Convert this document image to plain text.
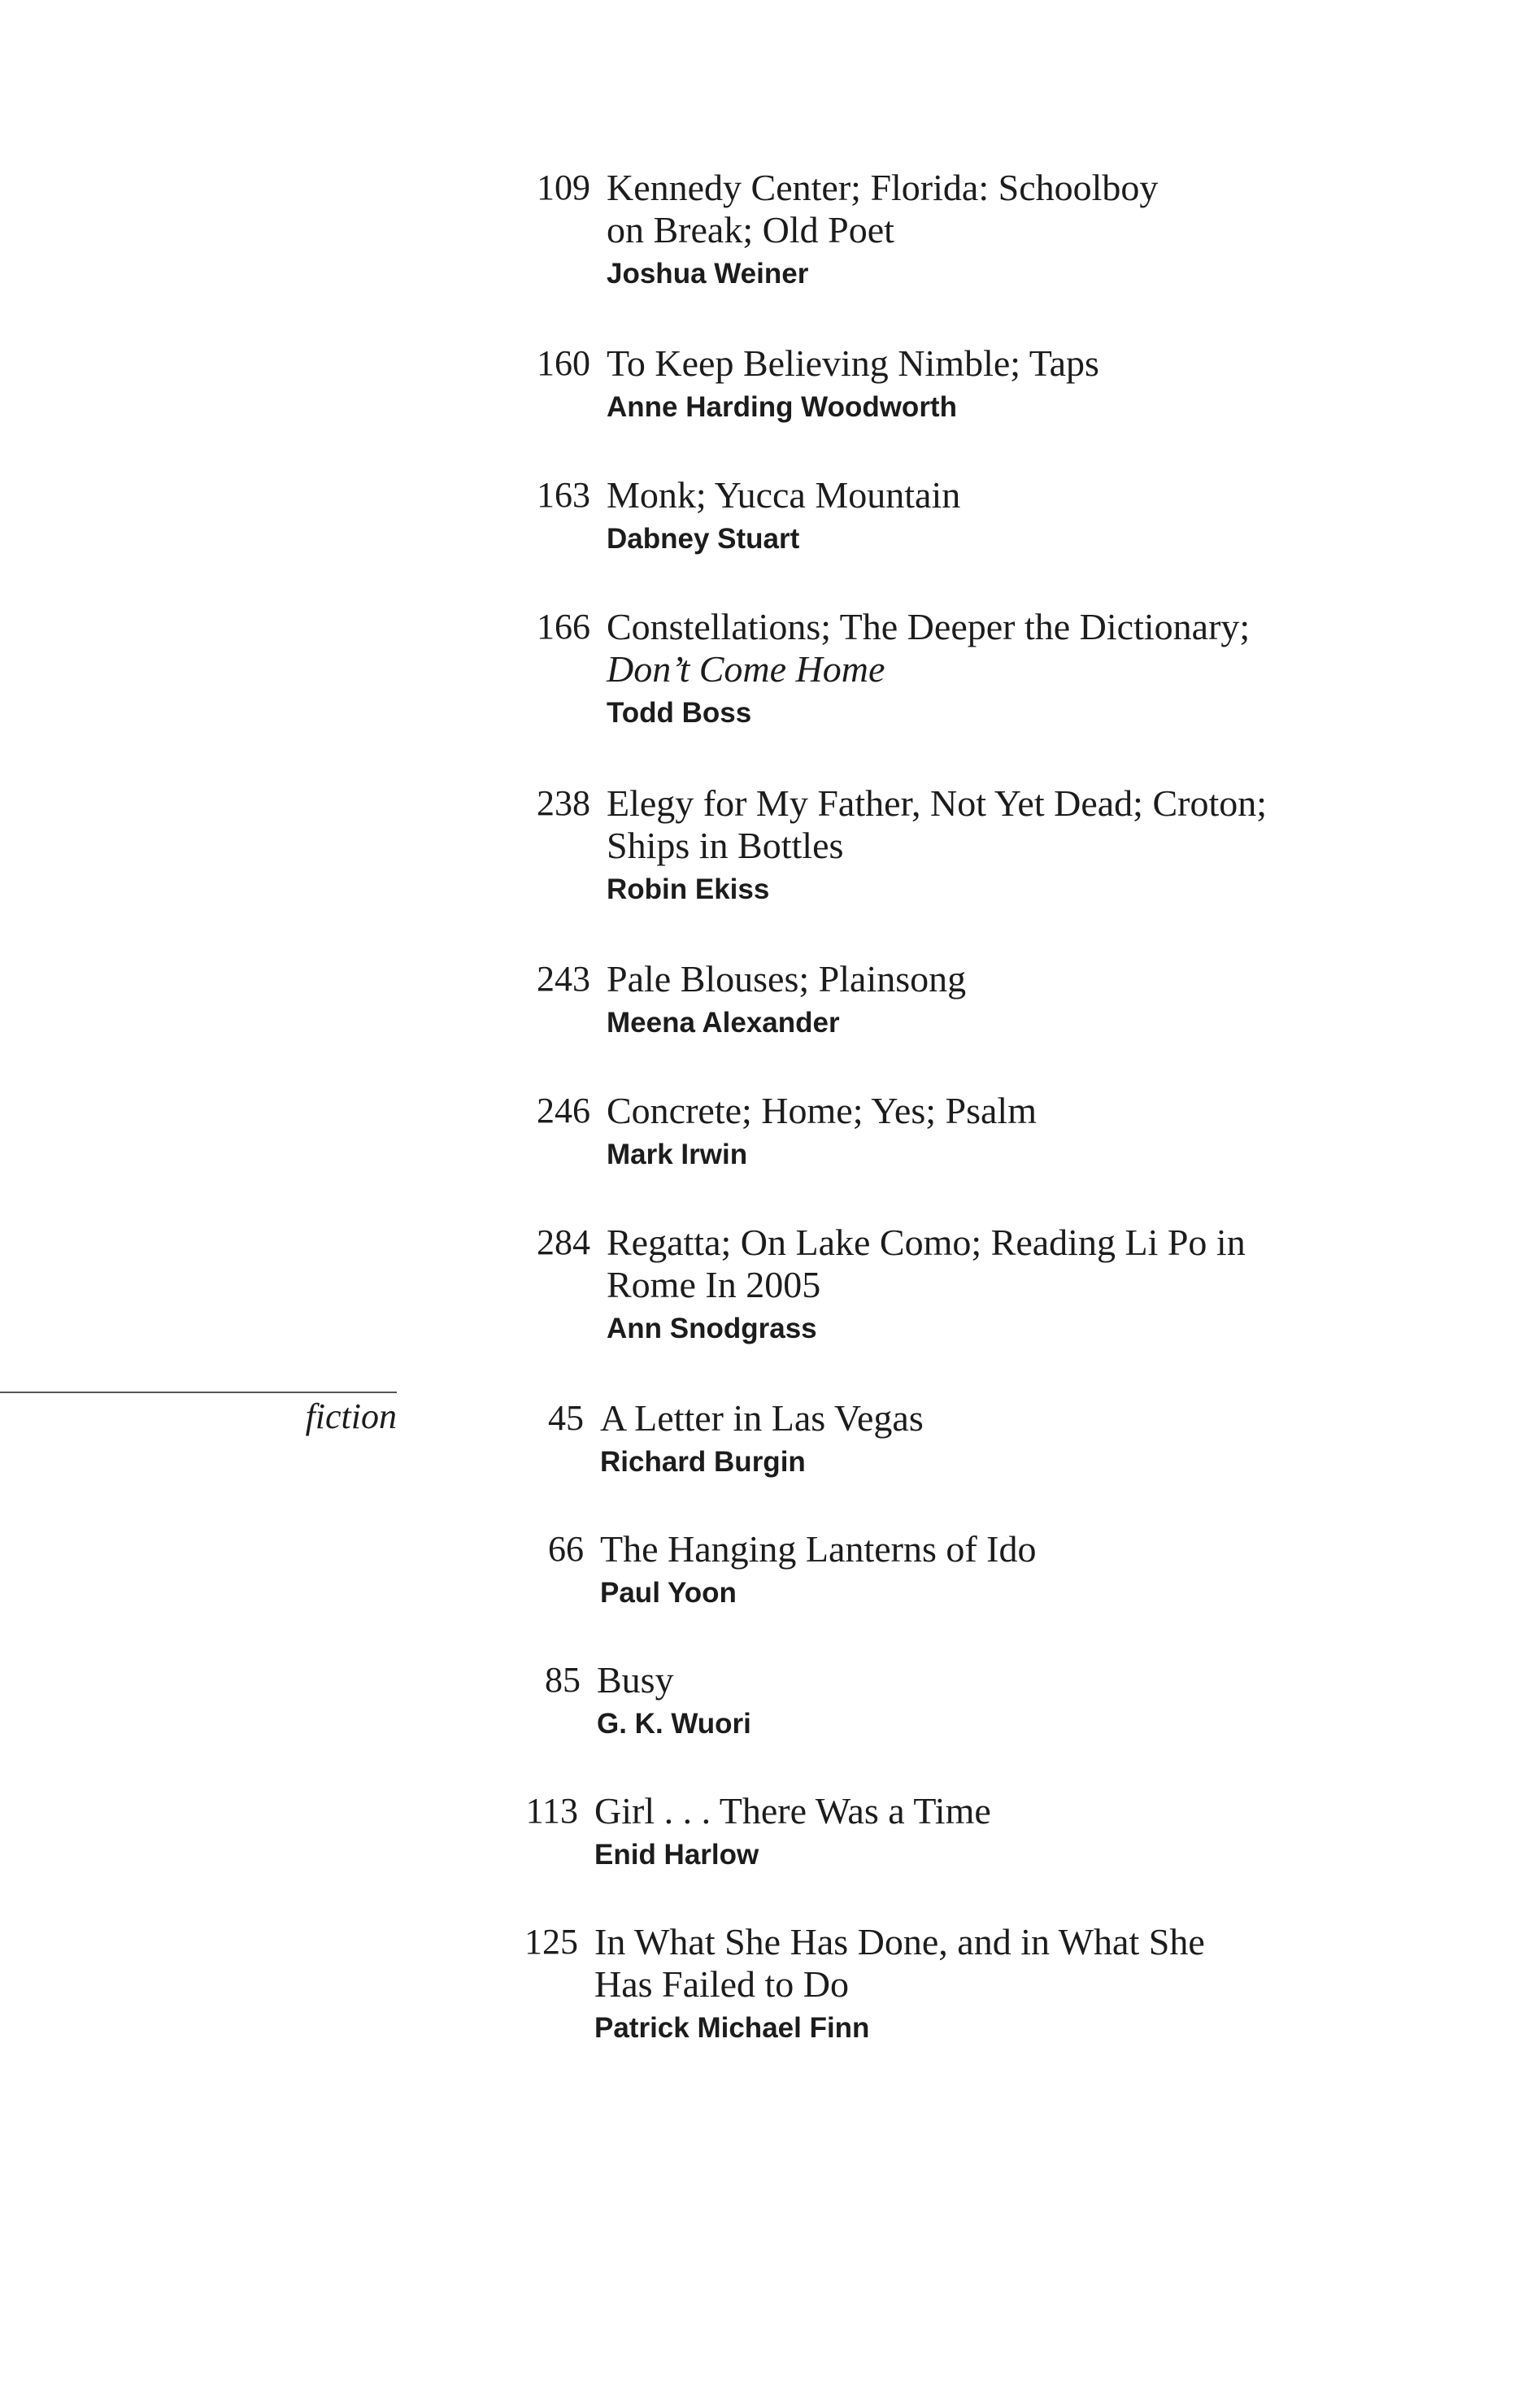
109 Kennedy Center; Florida: Schoolboy
on Break; Old Poet
Joshua Weiner
160 To Keep Believing Nimble; Taps
Anne Harding Woodworth
163 Monk; Yucca Mountain
Dabney Stuart
166 Constellations; The Deeper the Dictionary;
Don’t Come Home
Todd Boss
238 Elegy for My Father, Not Yet Dead; Croton;
Ships in Bottles
Robin Ekiss
243 Pale Blouses; Plainsong
Meena Alexander
246 Concrete; Home; Yes; Psalm
Mark Irwin
284 Regatta; On Lake Como; Reading Li Po in
Rome In 2005
Ann Snodgrass
fiction	45 A Letter in Las Vegas
Richard Burgin
66 The Hanging Lanterns of Ido
Paul Yoon
85 Busy
G. K. Wuori
113 Girl . . . There Was a Time
Enid Harlow
125 In What She Has Done, and in What She
Has Failed to Do
Patrick Michael Finn
